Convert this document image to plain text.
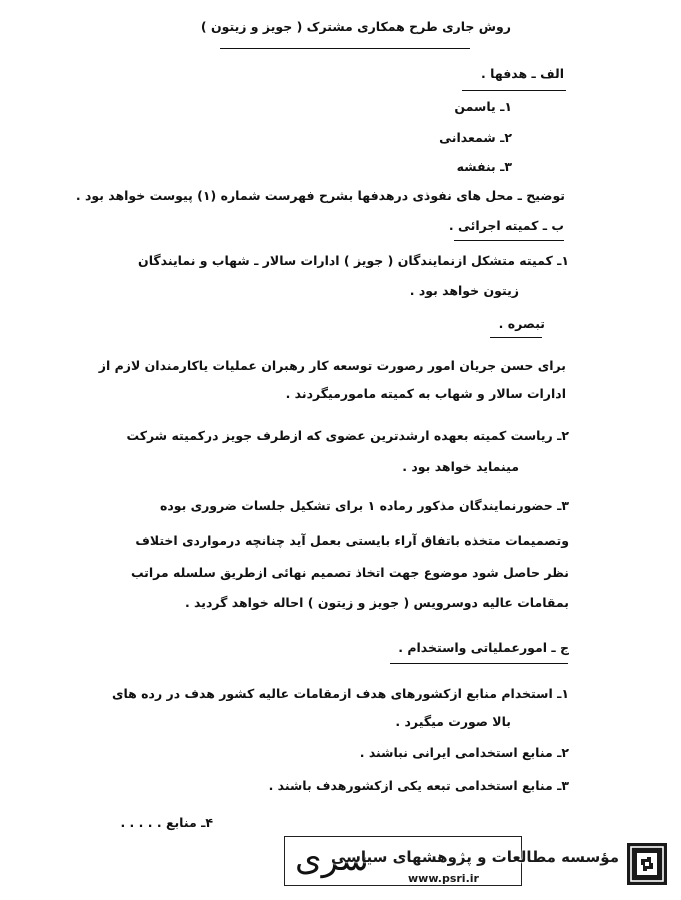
روش جاری طرح همکاری مشترک ( جویز و زیتون )
الف ـ هدفها .
۱ـ یاسمن
۲ـ شمعدانی
۳ـ بنفشه
توضیح ـ محل های نفوذی درهدفها بشرح فهرست شماره (۱) پیوست خواهد بود .
ب ـ کمیته اجرائی .
۱ـ کمیته متشکل ازنمایندگان ( جویز ) ادارات سالار ـ شهاب و نمایندگان
زیتون خواهد بود .
تبصره .
برای حسن جریان امور رصورت توسعه کار رهبران عملیات یاکارمندان لازم از
ادارات سالار و شهاب به کمیته مامورمیگردند .
۲ـ ریاست کمیته بعهده ارشدترین عضوی که ازطرف جویز درکمیته شرکت
مینماید خواهد بود .
۳ـ حضورنمایندگان مذکور رماده ۱ برای تشکیل جلسات ضروری بوده
وتصمیمات متخذه باتفاق آراء بایستی بعمل آید چنانچه درمواردی اختلاف
نظر حاصل شود موضوع جهت اتخاذ تصمیم نهائی ازطریق سلسله مراتب
بمقامات عالیه دوسرویس ( جویز و زیتون ) احاله خواهد گردید .
ج ـ امورعملیاتی واستخدام .
۱ـ استخدام منابع ازکشورهای هدف ازمقامات عالیه کشور هدف در رده های
بالا صورت میگیرد .
۲ـ منابع استخدامی ایرانی نباشند .
۳ـ منابع استخدامی تبعه یکی ازکشورهدف باشند .
۴ـ منابع . . . . .
سری
مؤسسه مطالعات و پژوهشهای سیاسی
www.psri.ir
